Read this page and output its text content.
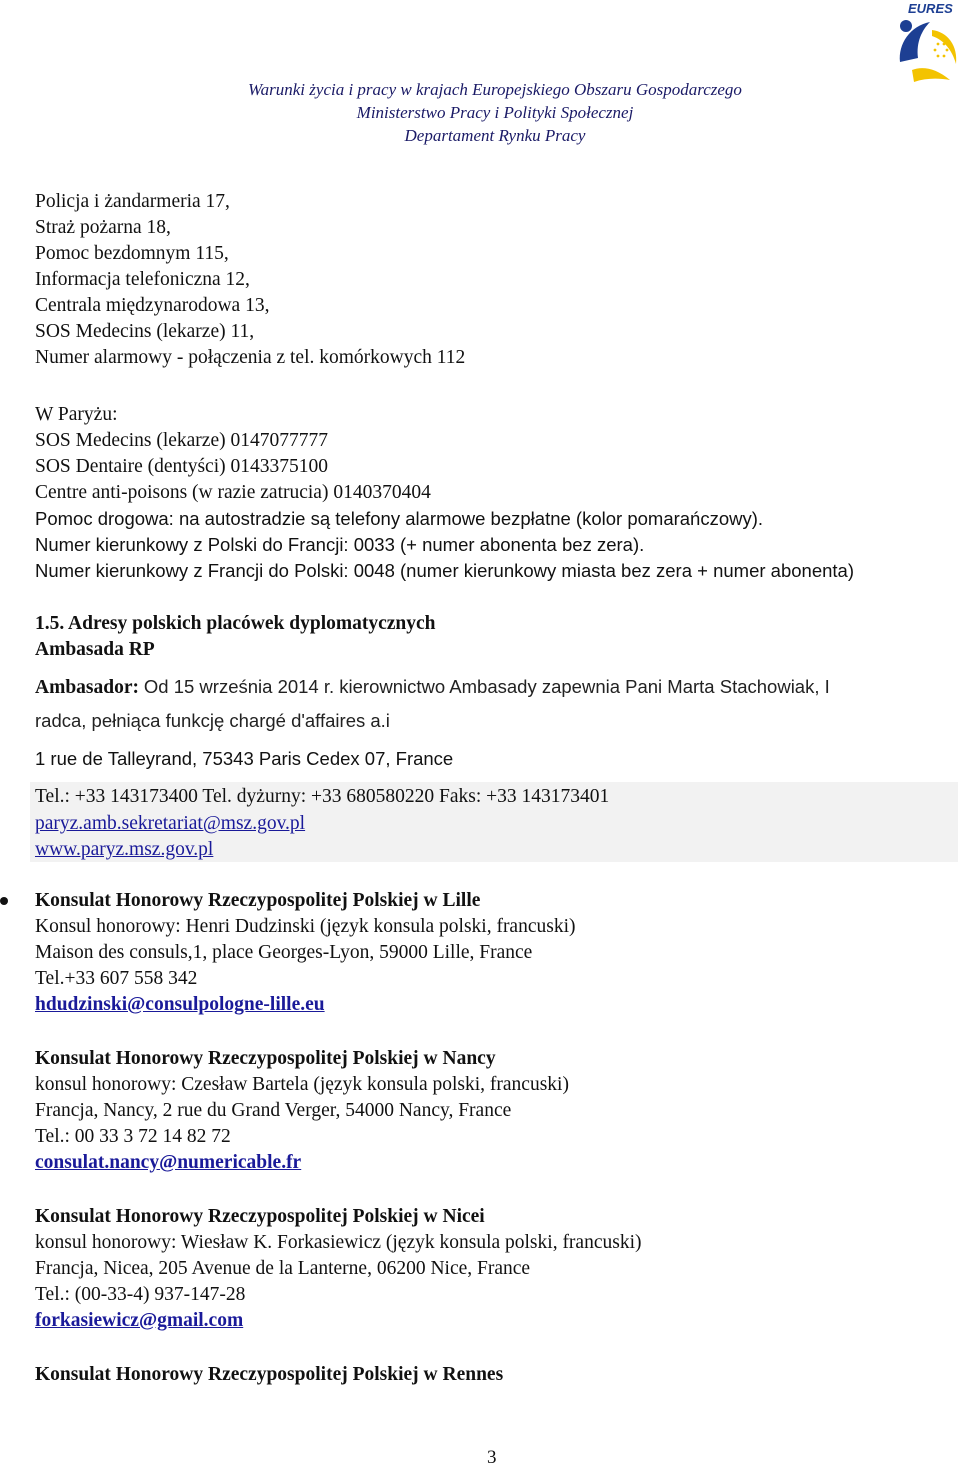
EURES
Warunki życia i pracy w krajach Europejskiego Obszaru Gospodarczego
Ministerstwo Pracy i Polityki Społecznej
Departament Rynku Pracy
Policja i żandarmeria 17,
Straż pożarna 18,
Pomoc bezdomnym 115,
Informacja telefoniczna 12,
Centrala międzynarodowa 13,
SOS Medecins (lekarze) 11,
Numer alarmowy - połączenia z tel. komórkowych 112
W Paryżu:
SOS Medecins (lekarze) 0147077777
SOS Dentaire (dentyści) 0143375100
Centre anti-poisons (w razie zatrucia) 0140370404
Pomoc drogowa: na autostradzie są telefony alarmowe bezpłatne (kolor pomarańczowy).
Numer kierunkowy z Polski do Francji: 0033 (+ numer abonenta bez zera).
Numer kierunkowy z Francji do Polski: 0048 (numer kierunkowy miasta bez zera + numer abonenta)
1.5. Adresy polskich placówek dyplomatycznych
Ambasada RP
Ambasador: Od 15 września 2014 r. kierownictwo Ambasady zapewnia Pani Marta Stachowiak, I
radca, pełniąca funkcję chargé d'affaires a.i
1 rue de Talleyrand, 75343 Paris Cedex 07, France
Tel.: +33 143173400 Tel. dyżurny: +33 680580220 Faks: +33 143173401
paryz.amb.sekretariat@msz.gov.pl
www.paryz.msz.gov.pl
Konsulat Honorowy Rzeczypospolitej Polskiej w Lille
Konsul honorowy: Henri Dudzinski (język konsula polski, francuski)
Maison des consuls,1, place Georges-Lyon, 59000 Lille, France
Tel.+33 607 558 342
hdudzinski@consulpologne-lille.eu
Konsulat Honorowy Rzeczypospolitej Polskiej w Nancy
konsul honorowy: Czesław Bartela (język konsula polski, francuski)
Francja, Nancy, 2 rue du Grand Verger, 54000 Nancy, France
Tel.: 00 33 3 72 14 82 72
consulat.nancy@numericable.fr
Konsulat Honorowy Rzeczypospolitej Polskiej w Nicei
konsul honorowy: Wiesław K. Forkasiewicz (język konsula polski, francuski)
Francja, Nicea, 205 Avenue de la Lanterne, 06200 Nice, France
Tel.: (00-33-4) 937-147-28
forkasiewicz@gmail.com
Konsulat Honorowy Rzeczypospolitej Polskiej w Rennes
3
